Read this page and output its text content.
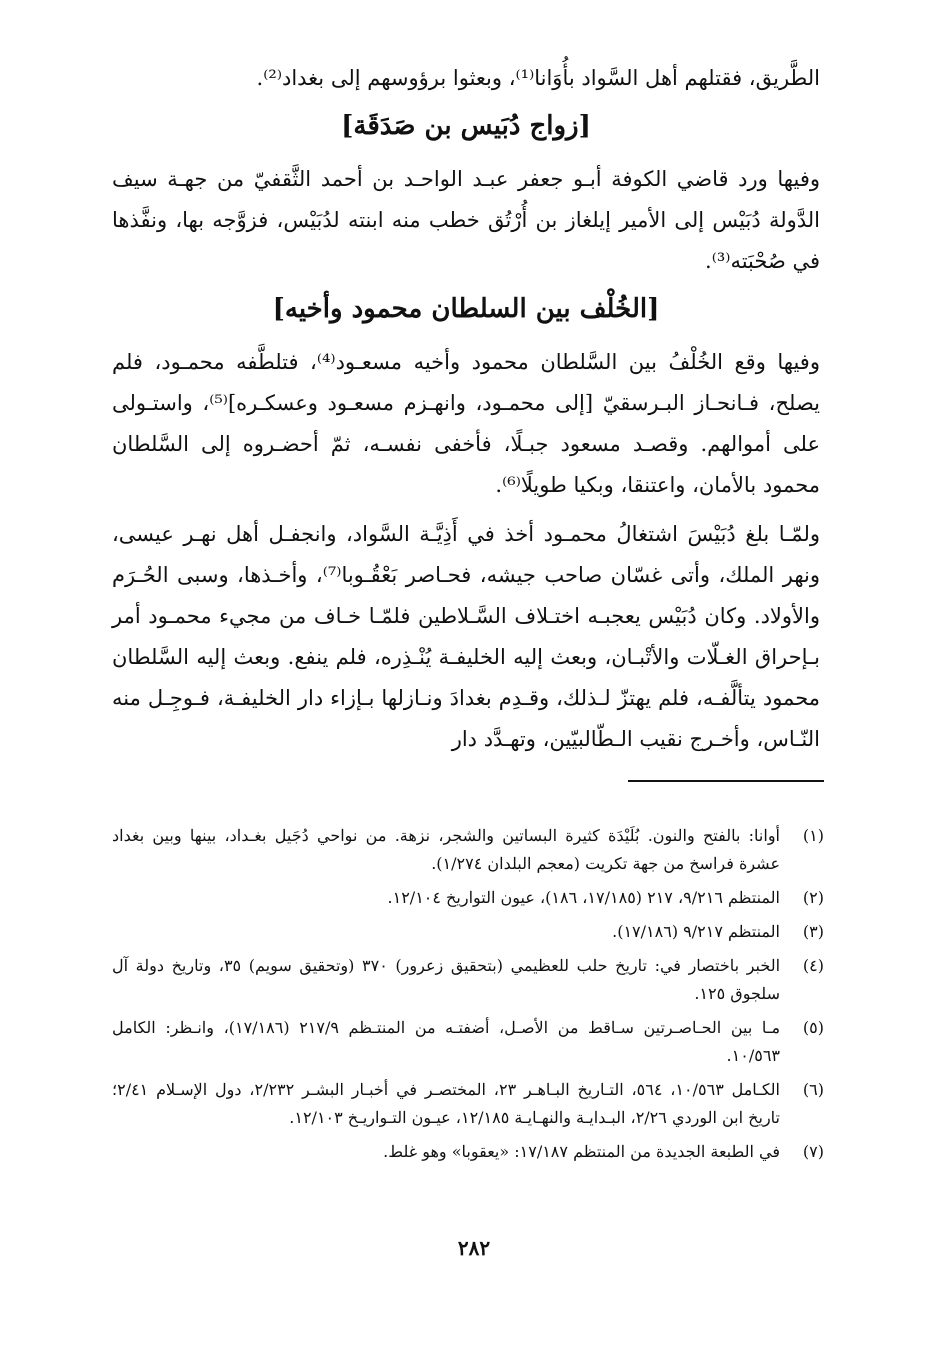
الطَّريق، فقتلهم أهل السَّواد بأُوَانا⁽¹⁾، وبعثوا برؤوسهم إلى بغداد⁽²⁾.

[زواج دُبَيس بن صَدَقَة]

وفيها ورد قاضي الكوفة أبـو جعفر عبـد الواحـد بن أحمد الثَّقفيّ من جهـة سيف الدَّولة دُبَيْس إلى الأمير إيلغاز بن أُرْتُق خطب منه ابنته لدُبَيْس، فزوَّجه بها، ونفَّذها في صُحْبَته⁽³⁾.

[الخُلْف بين السلطان محمود وأخيه]

وفيها وقع الخُلْفُ بين السَّلطان محمود وأخيه مسعـود⁽⁴⁾، فتلطَّفه محمـود، فلم يصلح، فـانحـاز البـرسقيّ [إلى محمـود، وانهـزم مسعـود وعسكـره]⁽⁵⁾، واستـولى على أموالهم. وقصـد مسعود جبـلًا، فأخفى نفسـه، ثمّ أحضـروه إلى السَّلطان محمود بالأمان، واعتنقا، وبكيا طويلًا⁽⁶⁾.

ولمّـا بلغ دُبَيْسَ اشتغالُ محمـود أخذ في أَذِيَّـة السَّواد، وانجفـل أهل نهـر عيسى، ونهر الملك، وأتى غسّان صاحب جيشه، فحـاصر بَعْقُـوبا⁽⁷⁾، وأخـذها، وسبى الحُـرَم والأولاد. وكان دُبَيْس يعجبـه اختـلاف السَّـلاطين فلمّـا خـاف من مجيء محمـود أمر بـإحراق الغـلّات والأتْبـان، وبعث إليه الخليفـة يُنْـذِره، فلم ينفع. وبعث إليه السَّلطان محمود يتألَّفـه، فلم يهتزّ لـذلك، وقـدِم بغدادَ ونـازلها بـإزاء دار الخليفـة، فـوجِـل منه النّـاس، وأخـرج نقيب الـطّالبيّين، وتهـدَّد دار

(١)
أوانا: بالفتح والنون. بُلَيْدَة كثيرة البساتين والشجر، نزهة. من نواحي دُجَيل بغـداد، بينها وبين بغداد عشرة فراسخ من جهة تكريت (معجم البلدان ١/٢٧٤).
(٢)
المنتظم ٩/٢١٦، ٢١٧ (١٧/١٨٥، ١٨٦)، عيون التواريخ ١٢/١٠٤.
(٣)
المنتظم ٩/٢١٧ (١٧/١٨٦).
(٤)
الخبر باختصار في: تاريخ حلب للعظيمي (بتحقيق زعرور) ٣٧٠ (وتحقيق سويم) ٣٥، وتاريخ دولة آل سلجوق ١٢٥.
(٥)
مـا بين الحـاصـرتين سـاقط من الأصـل، أضفتـه من المنتـظم ٢١٧/٩ (١٧/١٨٦)، وانـظر: الكامل ١٠/٥٦٣.
(٦)
الكـامل ١٠/٥٦٣، ٥٦٤، التـاريخ البـاهـر ٢٣، المختصـر في أخبـار البشـر ٢/٢٣٢، دول الإسـلام ٢/٤١؛ تاريخ ابن الوردي ٢/٢٦، البـدايـة والنهـايـة ١٢/١٨٥، عيـون التـواريـخ ١٢/١٠٣.
(٧)
في الطبعة الجديدة من المنتظم ١٧/١٨٧: «يعقوبا» وهو غلط.
٢٨٢
